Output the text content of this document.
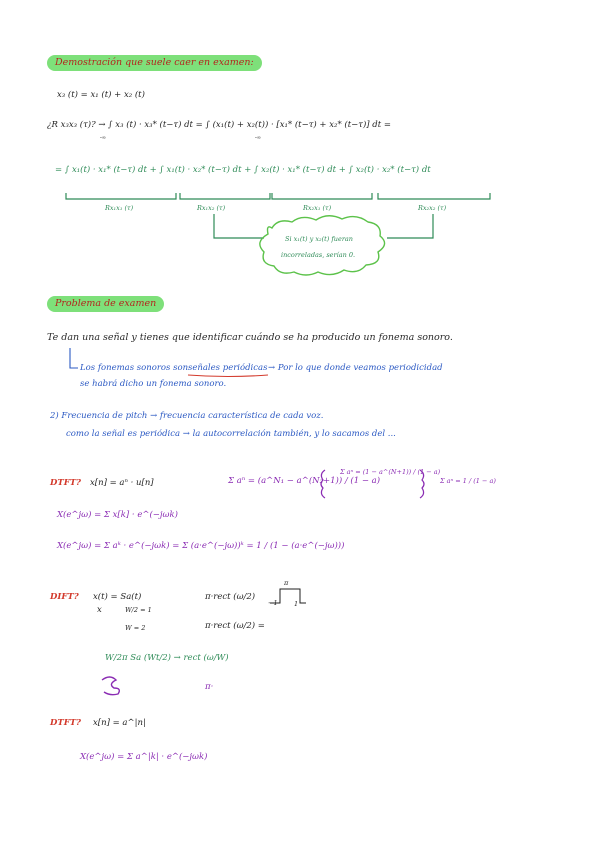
Demostración que suele caer en examen:
x₃ (t) = x₁ (t) + x₂ (t)
¿R x₃x₃ (τ)? → ∫ x₃ (t) · x₃* (t−τ) dt = ∫ (x₁(t) + x₂(t)) · [x₁* (t−τ) + x₂* (t−τ)] dt =
= ∫ x₁(t) · x₁* (t−τ) dt + ∫ x₁(t) · x₂* (t−τ) dt + ∫ x₂(t) · x₁* (t−τ) dt + ∫ x₂(t) · x₂* (t−τ) dt
Rx₁x₁ (τ)	Rx₁x₂ (τ)	Rx₂x₁ (τ)	Rx₂x₂ (τ)
Si x₁(t) y x₂(t) fueran
incorreladas, serían 0.
Problema de examen
Te dan una señal y tienes que identificar cuándo se ha producido un fonema sonoro.
Los fonemas sonoros son señales periódicas → Por lo que donde veamos periodicidad
se habrá dicho un fonema sonoro.
2) Frecuencia de pitch → frecuencia característica de cada voz.
como la señal es periódica → la autocorrelación también, y lo sacamos del ...
DTFT? x[n] = aⁿ · u[n]	Σ aⁿ = (a^N₁ − a^(N₂+1)) / (1 − a)
Σ aⁿ = (1 − a^(N+1)) / (1 − a)
Σ aⁿ = 1 / (1 − a)
X(e^jω) = Σ x[k] · e^(−jωk)
X(e^jω) = Σ aᵏ · e^(−jωk) = Σ (a·e^(−jω))ᵏ = 1 / (1 − (a·e^(−jω)))
DIFT? x(t) = Sa(t)
x	W/2 = 1
W = 2
π·rect (ω/2)
π·rect (ω/2) =
π
−1	1
W/2π Sa (Wt/2) → rect (ω/W)
π·
DTFT? x[n] = a^|n|
X(e^jω) = Σ a^|k| · e^(−jωk)
-∞	-∞
